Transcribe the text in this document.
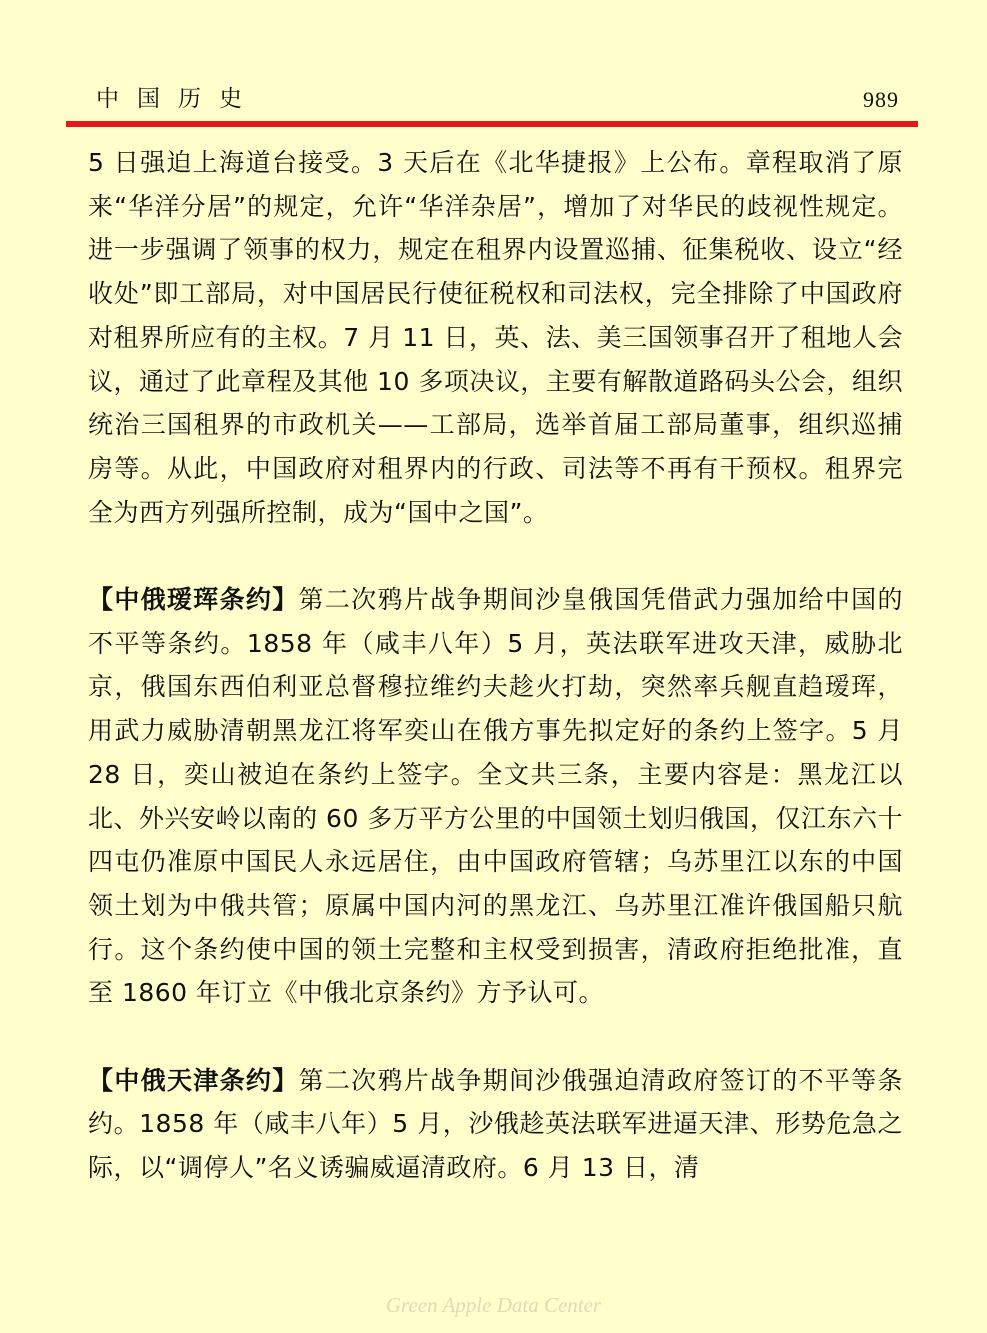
中国历史	989

5 日强迫上海道台接受。3 天后在《北华捷报》上公布。章程取消了原来“华洋分居”的规定，允许“华洋杂居”，增加了对华民的歧视性规定。进一步强调了领事的权力，规定在租界内设置巡捕、征集税收、设立“经收处”即工部局，对中国居民行使征税权和司法权，完全排除了中国政府对租界所应有的主权。7 月 11 日，英、法、美三国领事召开了租地人会议，通过了此章程及其他 10 多项决议，主要有解散道路码头公会，组织统治三国租界的市政机关——工部局，选举首届工部局董事，组织巡捕房等。从此，中国政府对租界内的行政、司法等不再有干预权。租界完全为西方列强所控制，成为“国中之国”。

【中俄瑷珲条约】第二次鸦片战争期间沙皇俄国凭借武力强加给中国的不平等条约。1858 年（咸丰八年）5 月，英法联军进攻天津，威胁北京，俄国东西伯利亚总督穆拉维约夫趁火打劫，突然率兵舰直趋瑷珲，用武力威胁清朝黑龙江将军奕山在俄方事先拟定好的条约上签字。5 月 28 日，奕山被迫在条约上签字。全文共三条，主要内容是：黑龙江以北、外兴安岭以南的 60 多万平方公里的中国领土划归俄国，仅江东六十四屯仍准原中国民人永远居住，由中国政府管辖；乌苏里江以东的中国领土划为中俄共管；原属中国内河的黑龙江、乌苏里江准许俄国船只航行。这个条约使中国的领土完整和主权受到损害，清政府拒绝批准，直至 1860 年订立《中俄北京条约》方予认可。

【中俄天津条约】第二次鸦片战争期间沙俄强迫清政府签订的不平等条约。1858 年（咸丰八年）5 月，沙俄趁英法联军进逼天津、形势危急之际，以“调停人”名义诱骗威逼清政府。6 月 13 日，清

Green Apple Data Center
